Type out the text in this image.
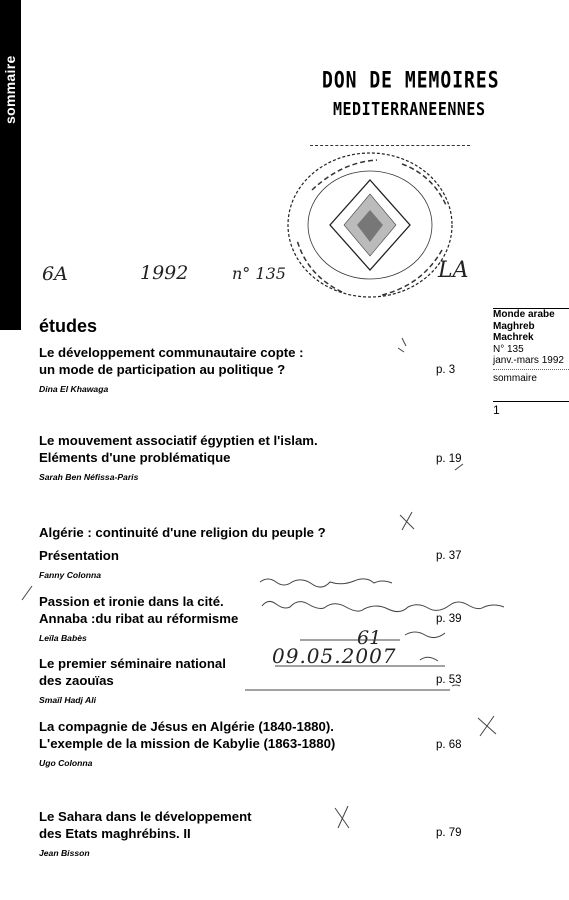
sommaire	DON DE MEMOIRES
MEDITERRANEENNES
6A	1992	n° 135	LA
Monde arabe
Maghreb
Machrek
N° 135
janv.-mars 1992
sommaire
1
études
Le développement communautaire copte :
un mode de participation au politique ?
Dina El Khawaga
p. 3
Le mouvement associatif égyptien et l'islam.
Eléments d'une problématique
Sarah Ben Néfissa-Paris
p. 19
Algérie : continuité d'une religion du peuple ?
Présentation
Fanny Colonna
p. 37
Passion et ironie dans la cité.
Annaba :du ribat au réformisme
Leïla Babès
p. 39
Le premier séminaire national
des zaouïas
Smaïl Hadj Ali
p. 53
La compagnie de Jésus en Algérie (1840-1880).
L'exemple de la mission de Kabylie (1863-1880)
Ugo Colonna
p. 68
Le Sahara dans le développement
des Etats maghrébins. II
Jean Bisson
p. 79
61
09.05.2007
